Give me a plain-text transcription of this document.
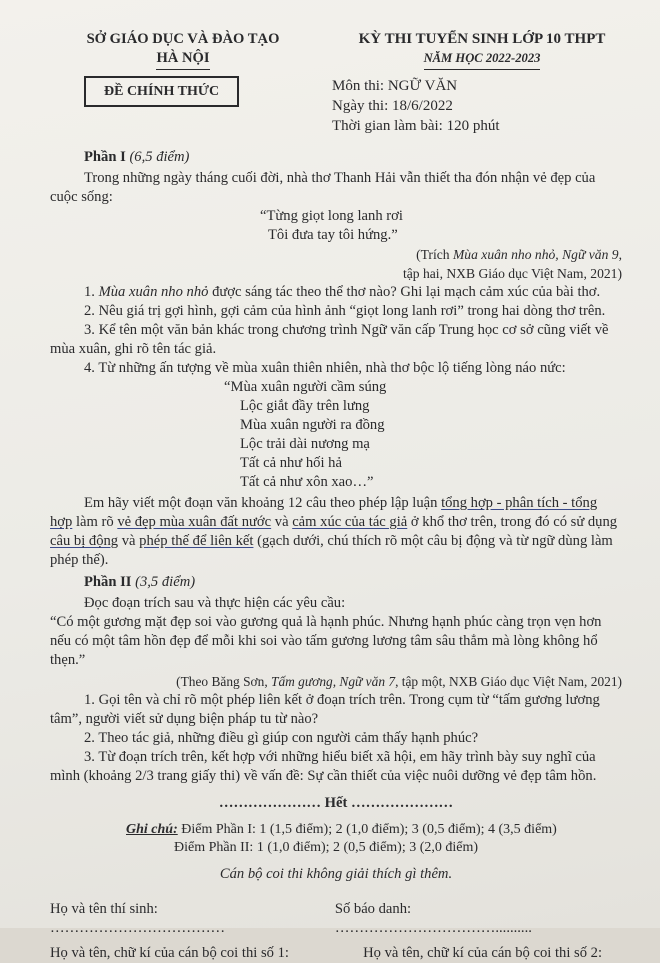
SỞ GIÁO DỤC VÀ ĐÀO TẠO
HÀ NỘI
ĐỀ CHÍNH THỨC
KỲ THI TUYỂN SINH LỚP 10 THPT
NĂM HỌC 2022-2023
Môn thi: NGỮ VĂN
Ngày thi: 18/6/2022
Thời gian làm bài: 120 phút
Phần I (6,5 điểm)

Trong những ngày tháng cuối đời, nhà thơ Thanh Hải vẫn thiết tha đón nhận vẻ đẹp của cuộc sống:

“Từng giọt long lanh rơi
Tôi đưa tay tôi hứng.”
(Trích Mùa xuân nho nhỏ, Ngữ văn 9,
tập hai, NXB Giáo dục Việt Nam, 2021)

1. Mùa xuân nho nhỏ được sáng tác theo thể thơ nào? Ghi lại mạch cảm xúc của bài thơ.

2. Nêu giá trị gợi hình, gợi cảm của hình ảnh “giọt long lanh rơi” trong hai dòng thơ trên.

3. Kể tên một văn bản khác trong chương trình Ngữ văn cấp Trung học cơ sở cũng viết về mùa xuân, ghi rõ tên tác giả.

4. Từ những ấn tượng về mùa xuân thiên nhiên, nhà thơ bộc lộ tiếng lòng náo nức:

“Mùa xuân người cầm súng
Lộc giắt đầy trên lưng
Mùa xuân người ra đồng
Lộc trải dài nương mạ
Tất cả như hối hả
Tất cả như xôn xao…”

Em hãy viết một đoạn văn khoảng 12 câu theo phép lập luận tổng hợp - phân tích - tổng hợp làm rõ vẻ đẹp mùa xuân đất nước và cảm xúc của tác giả ở khổ thơ trên, trong đó có sử dụng câu bị động và phép thế để liên kết (gạch dưới, chú thích rõ một câu bị động và từ ngữ dùng làm phép thế).

Phần II (3,5 điểm)

Đọc đoạn trích sau và thực hiện các yêu cầu:

“Có một gương mặt đẹp soi vào gương quả là hạnh phúc. Nhưng hạnh phúc càng trọn vẹn hơn nếu có một tâm hồn đẹp để mỗi khi soi vào tấm gương lương tâm sâu thẳm mà lòng không hổ thẹn.”

(Theo Băng Sơn, Tấm gương, Ngữ văn 7, tập một, NXB Giáo dục Việt Nam, 2021)

1. Gọi tên và chỉ rõ một phép liên kết ở đoạn trích trên. Trong cụm từ “tấm gương lương tâm”, người viết sử dụng biện pháp tu từ nào?

2. Theo tác giả, những điều gì giúp con người cảm thấy hạnh phúc?

3. Từ đoạn trích trên, kết hợp với những hiểu biết xã hội, em hãy trình bày suy nghĩ của mình (khoảng 2/3 trang giấy thi) về vấn đề: Sự cần thiết của việc nuôi dưỡng vẻ đẹp tâm hồn.

………………… Hết …………………
Ghi chú: Điểm Phần I: 1 (1,5 điểm); 2 (1,0 điểm); 3 (0,5 điểm); 4 (3,5 điểm)
Điểm Phần II: 1 (1,0 điểm); 2 (0,5 điểm); 3 (2,0 điểm)
Cán bộ coi thi không giải thích gì thêm.
Họ và tên thí sinh: ………………………………
Số báo danh: ……………………………..........
Họ và tên, chữ kí của cán bộ coi thi số 1:	Họ và tên, chữ kí của cán bộ coi thi số 2:
